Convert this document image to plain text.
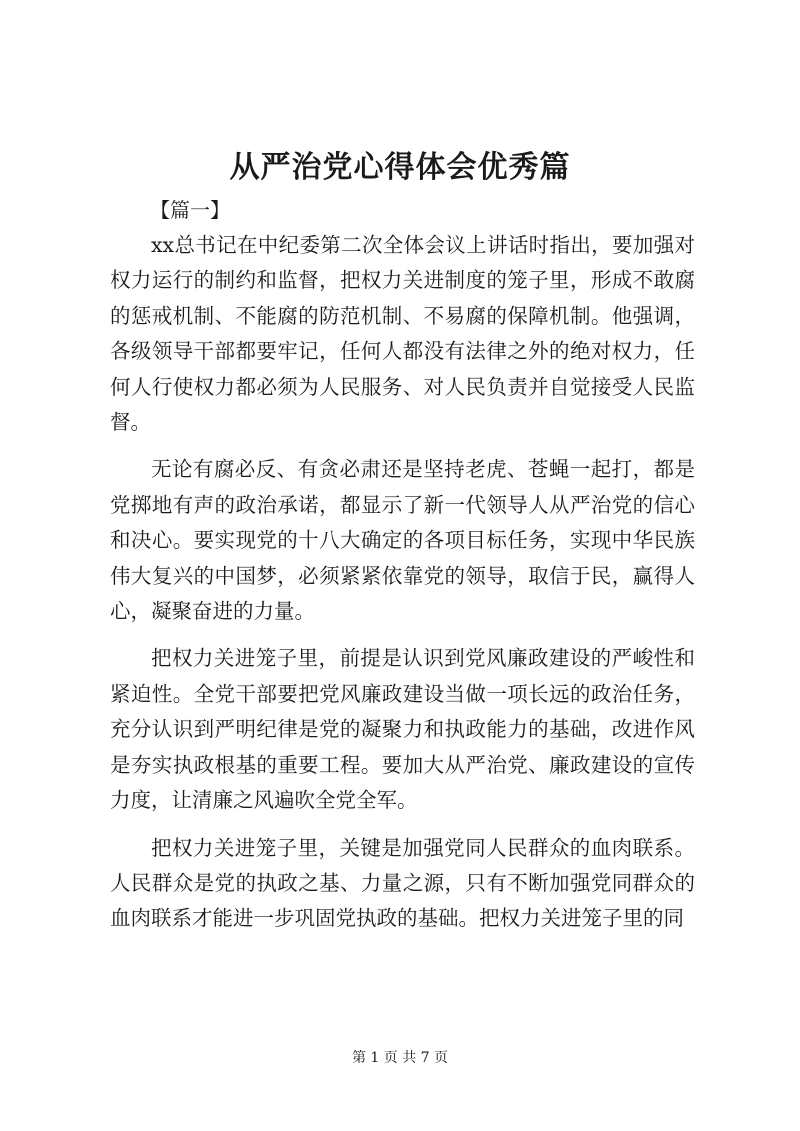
从严治党心得体会优秀篇
【篇一】

xx总书记在中纪委第二次全体会议上讲话时指出，要加强对权力运行的制约和监督，把权力关进制度的笼子里，形成不敢腐的惩戒机制、不能腐的防范机制、不易腐的保障机制。他强调，各级领导干部都要牢记，任何人都没有法律之外的绝对权力，任何人行使权力都必须为人民服务、对人民负责并自觉接受人民监督。

无论有腐必反、有贪必肃还是坚持老虎、苍蝇一起打，都是党掷地有声的政治承诺，都显示了新一代领导人从严治党的信心和决心。要实现党的十八大确定的各项目标任务，实现中华民族伟大复兴的中国梦，必须紧紧依靠党的领导，取信于民，赢得人心，凝聚奋进的力量。

把权力关进笼子里，前提是认识到党风廉政建设的严峻性和紧迫性。全党干部要把党风廉政建设当做一项长远的政治任务，充分认识到严明纪律是党的凝聚力和执政能力的基础，改进作风是夯实执政根基的重要工程。要加大从严治党、廉政建设的宣传力度，让清廉之风遍吹全党全军。

把权力关进笼子里，关键是加强党同人民群众的血肉联系。人民群众是党的执政之基、力量之源，只有不断加强党同群众的血肉联系才能进一步巩固党执政的基础。把权力关进笼子里的同

第 1 页 共 7 页
